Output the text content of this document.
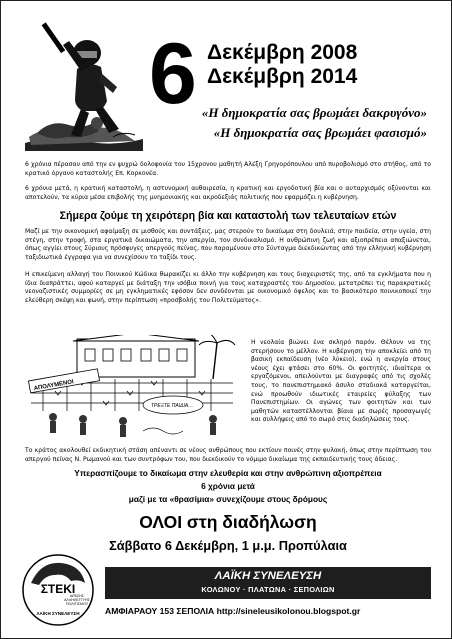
6 Δεκέμβρη 2008
Δεκέμβρη 2014
«Η δημοκρατία σας βρωμάει δακρυγόνο»
«Η δημοκρατία σας βρωμάει φασισμό»

6 χρόνια πέρασαν από την εν ψυχρώ δολοφονία του 15χρονου μαθητή Αλέξη Γρηγορόπουλου από πυροβολισμό στο στήθος, από το κρατικό όργανο καταστολής Επ. Κορκονέα.

6 χρόνια μετά, η κρατική καταστολή, η αστυνομική αυθαιρεσία, η κρατική και εργοδοτική βία και ο αυταρχισμός οξύνονται και αποτελούν, τα κύρια μέσα επιβολής της μνημονιακής και ακροδεξιάς πολιτικής που εφαρμόζει η κυβέρνηση.

Σήμερα ζούμε τη χειρότερη βία και καταστολή των τελευταίων ετών

Μαζί με την οικονομική αφαίμαξη σε μισθούς και συντάξεις, μας στερούν το δικαίωμα στη δουλειά, στην παιδεία, στην υγεία, στη στέγη, στην τροφή, στα εργατικά δικαιώματα, την απεργία, τον συνδικαλισμό. Η ανθρώπινη ζωή και αξιοπρέπεια απαξιώνεται, όπως αγγίει στους Σύριους πρόσφυγες απεργούς πείνας, που παραμένουν στο Σύνταγμα διεκδικώντας από την ελληνική κυβέρνηση ταξιδιωτικά έγγραφα για να συνεχίσουν το ταξίδι τους.

Η επικείμενη αλλαγή του Ποινικού Κώδικα θωρακίζει κι άλλο την κυβέρνηση και τους διαχειριστές της, από τα εγκλήματα που η ίδια διαπράττει, αφού καταργεί με διάταξη την ισόβια ποινή για τους καταχραστές του Δημοσίου, μετατρέπει τις παρακρατικές νεοναζιστικές συμμορίες σε μη εγκληματικές εφόσον δεν συνδέονται με οικονομικό όφελος και το βασικότερο ποινικοποιεί την ελεύθερη σκέψη και φωνή, στην περίπτωση «προσβολής του Πολιτεύματος».

ΑΠΟΛΥΜΕΝΟΙ
ΤΡΕΞΤΕ ΠΑΙΔΙΑ…

Η νεολαία βιώνει ένα σκληρό παρόν. Θέλουν να της στερήσουν το μέλλον. Η κυβέρνηση την αποκλείει από τη βασική εκπαίδευση (νέο λύκειο), ενώ η ανεργία στους νέους έχει φτάσει στο 60%. Οι φοιτητές, ιδιαίτερα οι εργαζόμενοι, απειλούνται με διαγραφές από τις σχολές τους, το πανεπιστημιακό άσυλο σταδιακά καταργείται, ενώ προωθούν ιδιωτικές εταιρείες φύλαξης των Πανεπιστημίων. Οι αγώνες των φοιτητών και των μαθητών καταστέλλονται βίαια με σωρές προσαγωγές και συλλήψεις από το σωρό στις διαδηλώσεις τους.

Το κράτος ακολουθεί εκδικητική στάση απέναντι σε νέους ανθρώπους που εκτίουν ποινές στην φυλακή, όπως στην περίπτωση του απεργού πείνας Ν. Ρωμανού και των συντρόφων του, που διεκδικούν το νόμιμο δικαίωμα της εκπαιδευτικής τους άδειας.

Υπερασπίζουμε το δικαίωμα στην ελευθερία και στην ανθρώπινη αξιοπρέπεια
6 χρόνια μετά
μαζί με τα «θρασίμια» συνεχίζουμε στους δρόμους
ΟΛΟΙ στη διαδήλωση
Σάββατο 6 Δεκέμβρη, 1 μ.μ. Προπύλαια
ΣΤΕΚΙ
ΔΡΑΣΗΣ
ΑΛΛΗΛΕΓΓΥΗΣ
ΠΟΛΙΤΙΣΜΟΥ
ΛΑΪΚΗ ΣΥΝΕΛΕΥΣΗ
ΛΑΪΚΗ ΣΥΝΕΛΕΥΣΗ
ΚΟΛΩΝΟΥ · ΠΛΑΤΩΝΑ · ΣΕΠΟΛΙΩΝ
ΑΜΦΙΑΡΑΟΥ 153 ΣΕΠΟΛΙΑ http://sinelеusikolonou.blogspot.gr
